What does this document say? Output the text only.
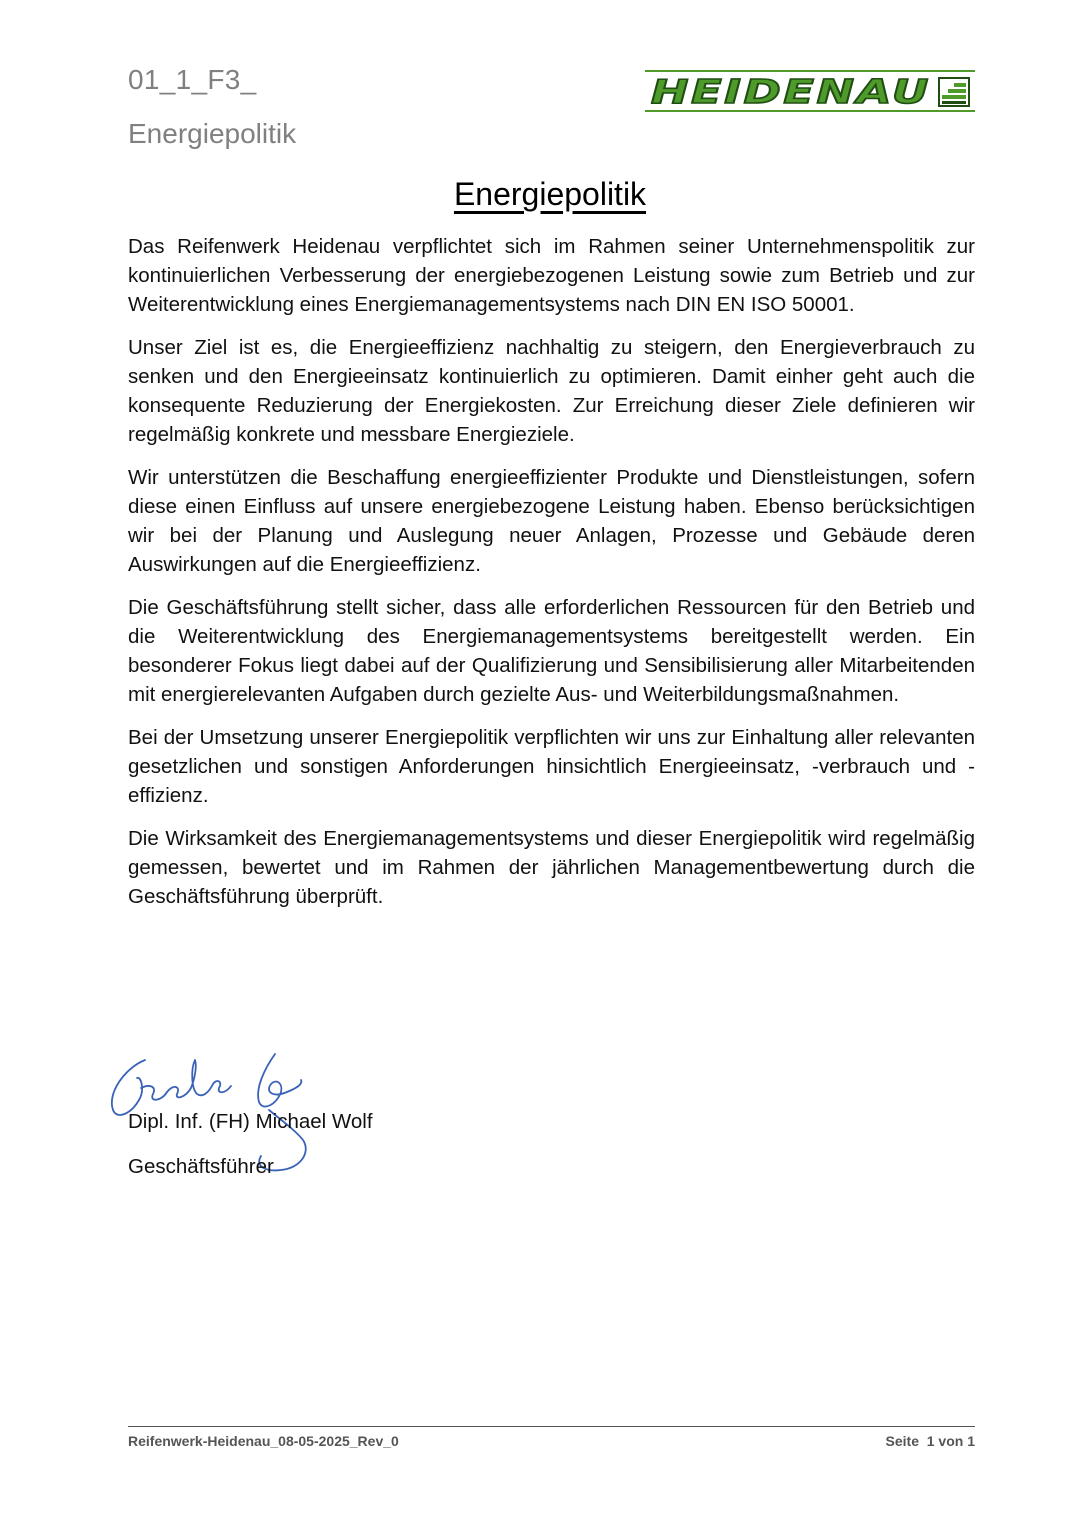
01_1_F3_
Energiepolitik
HEIDENAU
Energiepolitik

Das Reifenwerk Heidenau verpflichtet sich im Rahmen seiner Unternehmenspolitik zur kontinuierlichen Verbesserung der energiebezogenen Leistung sowie zum Betrieb und zur Weiterentwicklung eines Energiemanagementsystems nach DIN EN ISO 50001.

Unser Ziel ist es, die Energieeffizienz nachhaltig zu steigern, den Energieverbrauch zu senken und den Energieeinsatz kontinuierlich zu optimieren. Damit einher geht auch die konsequente Reduzierung der Energiekosten. Zur Erreichung dieser Ziele definieren wir regelmäßig konkrete und messbare Energieziele.

Wir unterstützen die Beschaffung energieeffizienter Produkte und Dienstleistungen, sofern diese einen Einfluss auf unsere energiebezogene Leistung haben. Ebenso berücksichtigen wir bei der Planung und Auslegung neuer Anlagen, Prozesse und Gebäude deren Auswirkungen auf die Energieeffizienz.

Die Geschäftsführung stellt sicher, dass alle erforderlichen Ressourcen für den Betrieb und die Weiterentwicklung des Energiemanagementsystems bereitgestellt werden. Ein besonderer Fokus liegt dabei auf der Qualifizierung und Sensibilisierung aller Mitarbeitenden mit energierelevanten Aufgaben durch gezielte Aus- und Weiterbildungsmaßnahmen.

Bei der Umsetzung unserer Energiepolitik verpflichten wir uns zur Einhaltung aller relevanten gesetzlichen und sonstigen Anforderungen hinsichtlich Energieeinsatz, -verbrauch und -effizienz.

Die Wirksamkeit des Energiemanagementsystems und dieser Energiepolitik wird regelmäßig gemessen, bewertet und im Rahmen der jährlichen Managementbewertung durch die Geschäftsführung überprüft.

Dipl. Inf. (FH) Michael Wolf
Geschäftsführer
Reifenwerk-Heidenau_08-05-2025_Rev_0	Seite  1 von 1
